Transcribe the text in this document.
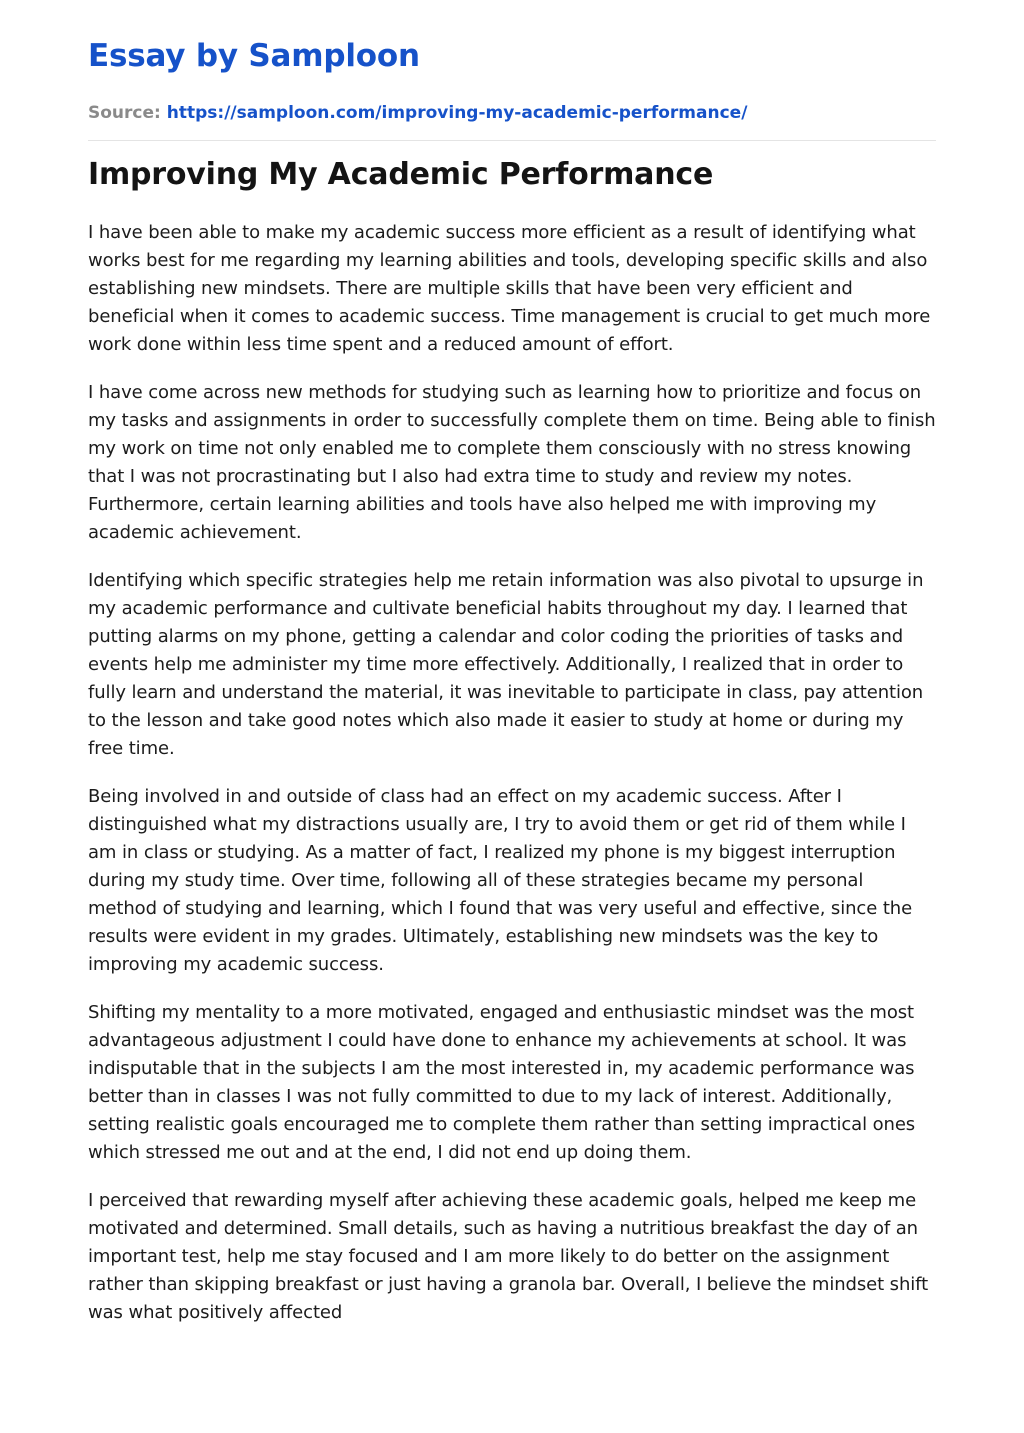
Essay by Samploon
Source: https://samploon.com/improving-my-academic-performance/
Improving My Academic Performance

I have been able to make my academic success more efficient as a result of identifying what works best for me regarding my learning abilities and tools, developing specific skills and also establishing new mindsets. There are multiple skills that have been very efficient and beneficial when it comes to academic success. Time management is crucial to get much more work done within less time spent and a reduced amount of effort.

I have come across new methods for studying such as learning how to prioritize and focus on my tasks and assignments in order to successfully complete them on time. Being able to finish my work on time not only enabled me to complete them consciously with no stress knowing that I was not procrastinating but I also had extra time to study and review my notes. Furthermore, certain learning abilities and tools have also helped me with improving my academic achievement.

Identifying which specific strategies help me retain information was also pivotal to upsurge in my academic performance and cultivate beneficial habits throughout my day. I learned that putting alarms on my phone, getting a calendar and color coding the priorities of tasks and events help me administer my time more effectively. Additionally, I realized that in order to fully learn and understand the material, it was inevitable to participate in class, pay attention to the lesson and take good notes which also made it easier to study at home or during my free time.

Being involved in and outside of class had an effect on my academic success. After I distinguished what my distractions usually are, I try to avoid them or get rid of them while I am in class or studying. As a matter of fact, I realized my phone is my biggest interruption during my study time. Over time, following all of these strategies became my personal method of studying and learning, which I found that was very useful and effective, since the results were evident in my grades. Ultimately, establishing new mindsets was the key to improving my academic success.

Shifting my mentality to a more motivated, engaged and enthusiastic mindset was the most advantageous adjustment I could have done to enhance my achievements at school. It was indisputable that in the subjects I am the most interested in, my academic performance was better than in classes I was not fully committed to due to my lack of interest. Additionally, setting realistic goals encouraged me to complete them rather than setting impractical ones which stressed me out and at the end, I did not end up doing them.

I perceived that rewarding myself after achieving these academic goals, helped me keep me motivated and determined. Small details, such as having a nutritious breakfast the day of an important test, help me stay focused and I am more likely to do better on the assignment rather than skipping breakfast or just having a granola bar. Overall, I believe the mindset shift was what positively affected
